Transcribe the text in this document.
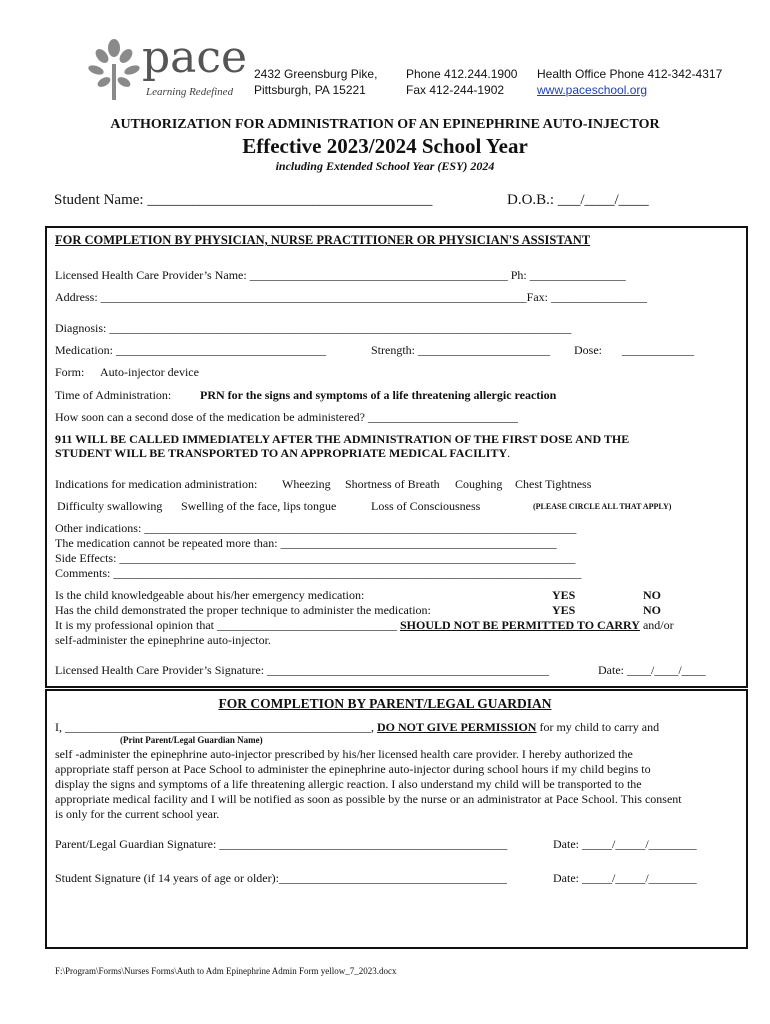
pace
Learning Redefined
2432 Greensburg Pike,
Pittsburgh, PA 15221
Phone 412.244.1900
Fax 412-244-1902
Health Office Phone 412-342-4317
www.paceschool.org
AUTHORIZATION FOR ADMINISTRATION OF AN EPINEPHRINE AUTO-INJECTOR
Effective 2023/2024 School Year
including Extended School Year (ESY) 2024
Student Name: ______________________________________	D.O.B.: ___/____/____
FOR COMPLETION BY PHYSICIAN, NURSE PRACTITIONER OR PHYSICIAN'S ASSISTANT
Licensed Health Care Provider’s Name: ___________________________________________ Ph: ________________
Address: _______________________________________________________________________Fax: ________________
Diagnosis: _____________________________________________________________________________
Medication: ___________________________________	Strength: ______________________ Dose: ____________
Form: Auto-injector device
Time of Administration: PRN for the signs and symptoms of a life threatening allergic reaction
How soon can a second dose of the medication be administered? _________________________
911 WILL BE CALLED IMMEDIATELY AFTER THE ADMINISTRATION OF THE FIRST DOSE AND THE
STUDENT WILL BE TRANSPORTED TO AN APPROPRIATE MEDICAL FACILITY.
Indications for medication administration: Wheezing Shortness of Breath Coughing Chest Tightness
Difficulty swallowing Swelling of the face, lips tongue	Loss of Consciousness	(PLEASE CIRCLE ALL THAT APPLY)
Other indications: ________________________________________________________________________
The medication cannot be repeated more than: ______________________________________________
Side Effects: ____________________________________________________________________________
Comments: ______________________________________________________________________________
Is the child knowledgeable about his/her emergency medication:	YES	NO
Has the child demonstrated the proper technique to administer the medication:	YES	NO
It is my professional opinion that ______________________________ SHOULD NOT BE PERMITTED TO CARRY and/or
self-administer the epinephrine auto-injector.
Licensed Health Care Provider’s Signature: _______________________________________________	Date: ____/____/____
FOR COMPLETION BY PARENT/LEGAL GUARDIAN
I, ___________________________________________________, DO NOT GIVE PERMISSION for my child to carry and
(Print Parent/Legal Guardian Name)
self -administer the epinephrine auto-injector prescribed by his/her licensed health care provider. I hereby authorized the
appropriate staff person at Pace School to administer the epinephrine auto-injector during school hours if my child begins to
display the signs and symptoms of a life threatening allergic reaction. I also understand my child will be transported to the
appropriate medical facility and I will be notified as soon as possible by the nurse or an administrator at Pace School. This consent
is only for the current school year.
Parent/Legal Guardian Signature: ________________________________________________	Date: _____/_____/________
Student Signature (if 14 years of age or older):______________________________________	Date: _____/_____/________
F:\Program\Forms\Nurses Forms\Auth to Adm Epinephrine Admin Form yellow_7_2023.docx
